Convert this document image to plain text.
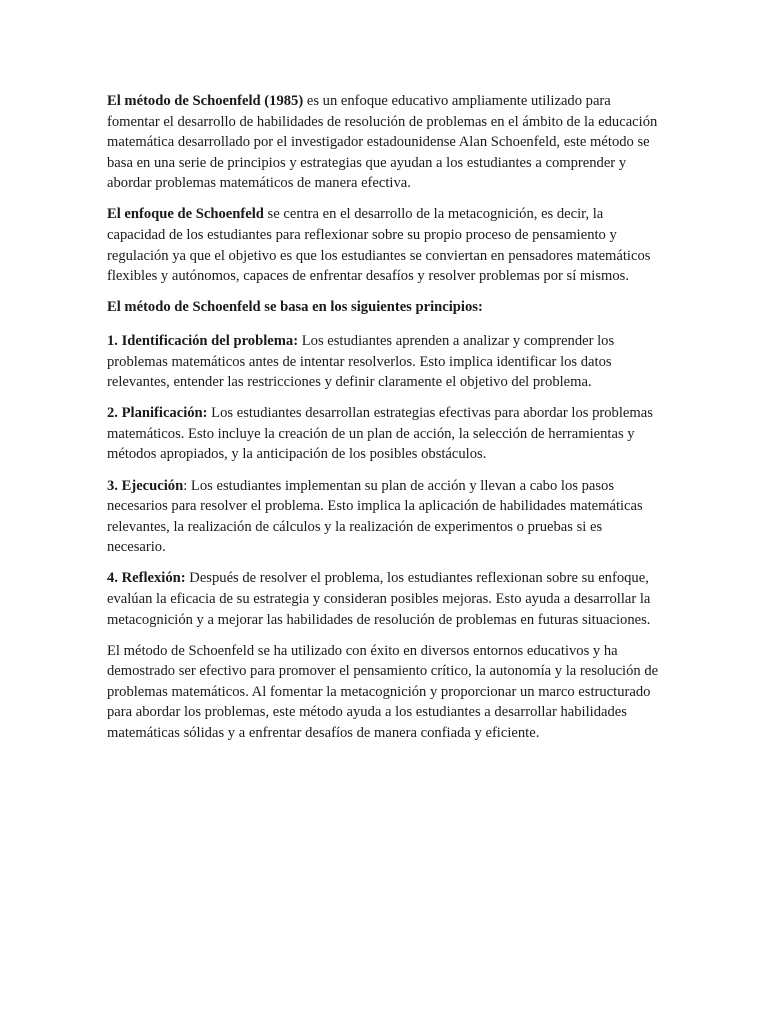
El método de Schoenfeld (1985) es un enfoque educativo ampliamente utilizado para fomentar el desarrollo de habilidades de resolución de problemas en el ámbito de la educación matemática desarrollado por el investigador estadounidense Alan Schoenfeld, este método se basa en una serie de principios y estrategias que ayudan a los estudiantes a comprender y abordar problemas matemáticos de manera efectiva.

El enfoque de Schoenfeld se centra en el desarrollo de la metacognición, es decir, la capacidad de los estudiantes para reflexionar sobre su propio proceso de pensamiento y regulación ya que el objetivo es que los estudiantes se conviertan en pensadores matemáticos flexibles y autónomos, capaces de enfrentar desafíos y resolver problemas por sí mismos.

El método de Schoenfeld se basa en los siguientes principios:

1. Identificación del problema: Los estudiantes aprenden a analizar y comprender los problemas matemáticos antes de intentar resolverlos. Esto implica identificar los datos relevantes, entender las restricciones y definir claramente el objetivo del problema.

2. Planificación: Los estudiantes desarrollan estrategias efectivas para abordar los problemas matemáticos. Esto incluye la creación de un plan de acción, la selección de herramientas y métodos apropiados, y la anticipación de los posibles obstáculos.

3. Ejecución: Los estudiantes implementan su plan de acción y llevan a cabo los pasos necesarios para resolver el problema. Esto implica la aplicación de habilidades matemáticas relevantes, la realización de cálculos y la realización de experimentos o pruebas si es necesario.

4. Reflexión: Después de resolver el problema, los estudiantes reflexionan sobre su enfoque, evalúan la eficacia de su estrategia y consideran posibles mejoras. Esto ayuda a desarrollar la metacognición y a mejorar las habilidades de resolución de problemas en futuras situaciones.

El método de Schoenfeld se ha utilizado con éxito en diversos entornos educativos y ha demostrado ser efectivo para promover el pensamiento crítico, la autonomía y la resolución de problemas matemáticos. Al fomentar la metacognición y proporcionar un marco estructurado para abordar los problemas, este método ayuda a los estudiantes a desarrollar habilidades matemáticas sólidas y a enfrentar desafíos de manera confiada y eficiente.
